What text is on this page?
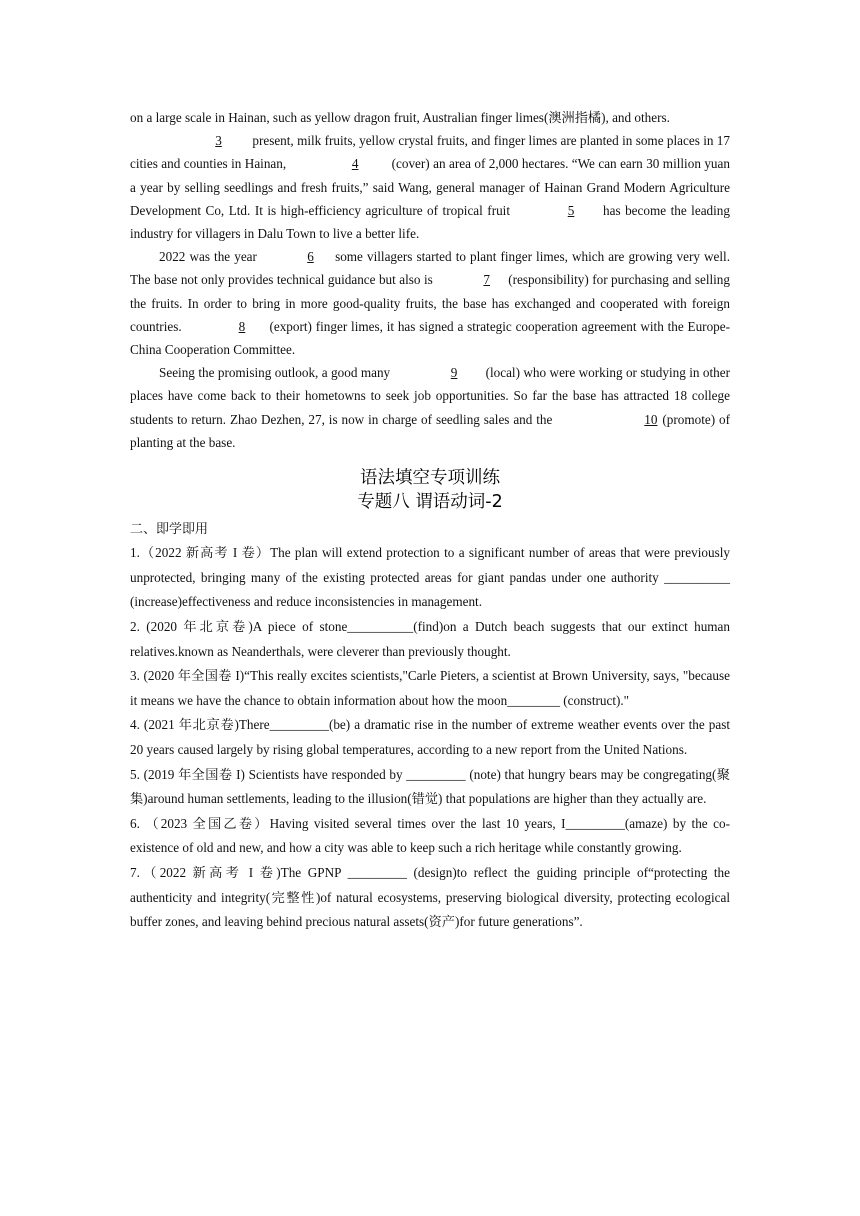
on a large scale in Hainan, such as yellow dragon fruit, Australian finger limes(澳洲指橘), and others.

3 present, milk fruits, yellow crystal fruits, and finger limes are planted in some places in 17 cities and counties in Hainan,	4	(cover) an area of 2,000 hectares. “We can earn 30 million yuan a year by selling seedlings and fresh fruits,” said Wang, general manager of Hainan Grand Modern Agriculture Development Co, Ltd. It is high-efficiency agriculture of tropical fruit	5 has become the leading industry for villagers in Dalu Town to live a better life.

2022 was the year	6 some villagers started to plant finger limes, which are growing very well. The base not only provides technical guidance but also is	7 (responsibility) for purchasing and selling the fruits. In order to bring in more good-quality fruits, the base has exchanged and cooperated with foreign countries.	8 (export) finger limes, it has signed a strategic cooperation agreement with the Europe-China Cooperation Committee.

Seeing the promising outlook, a good many	9 (local) who were working or studying in other places have come back to their hometowns to seek job opportunities. So far the base has attracted 18 college students to return. Zhao Dezhen, 27, is now in charge of seedling sales and the	10 (promote) of planting at the base.

语法填空专项训练
专题八 谓语动词-2
二、即学即用

1.（2022 新高考 I 卷）The plan will extend protection to a significant number of areas that were previously unprotected, bringing many of the existing protected areas for giant pandas under one authority __________ (increase)effectiveness and reduce inconsistencies in management.

2. (2020 年北京卷)A piece of stone__________(find)on a Dutch beach suggests that our extinct human relatives.known as Neanderthals, were cleverer than previously thought.

3. (2020 年全国卷 I)“This really excites scientists,"Carle Pieters, a scientist at Brown University, says, "because it means we have the chance to obtain information about how the moon________ (construct)."

4. (2021 年北京卷)There_________(be) a dramatic rise in the number of extreme weather events over the past 20 years caused largely by rising global temperatures, according to a new report from the United Nations.

5. (2019 年全国卷 I) Scientists have responded by _________ (note) that hungry bears may be congregating(聚集)around human settlements, leading to the illusion(错觉) that populations are higher than they actually are.

6. （2023 全国乙卷）Having visited several times over the last 10 years, I_________(amaze) by the co-existence of old and new, and how a city was able to keep such a rich heritage while constantly growing.

7.（2022 新高考 I 卷)The GPNP _________ (design)to reflect the guiding principle of“protecting the authenticity and integrity(完整性)of natural ecosystems, preserving biological diversity, protecting ecological buffer zones, and leaving behind precious natural assets(资产)for future generations”.
